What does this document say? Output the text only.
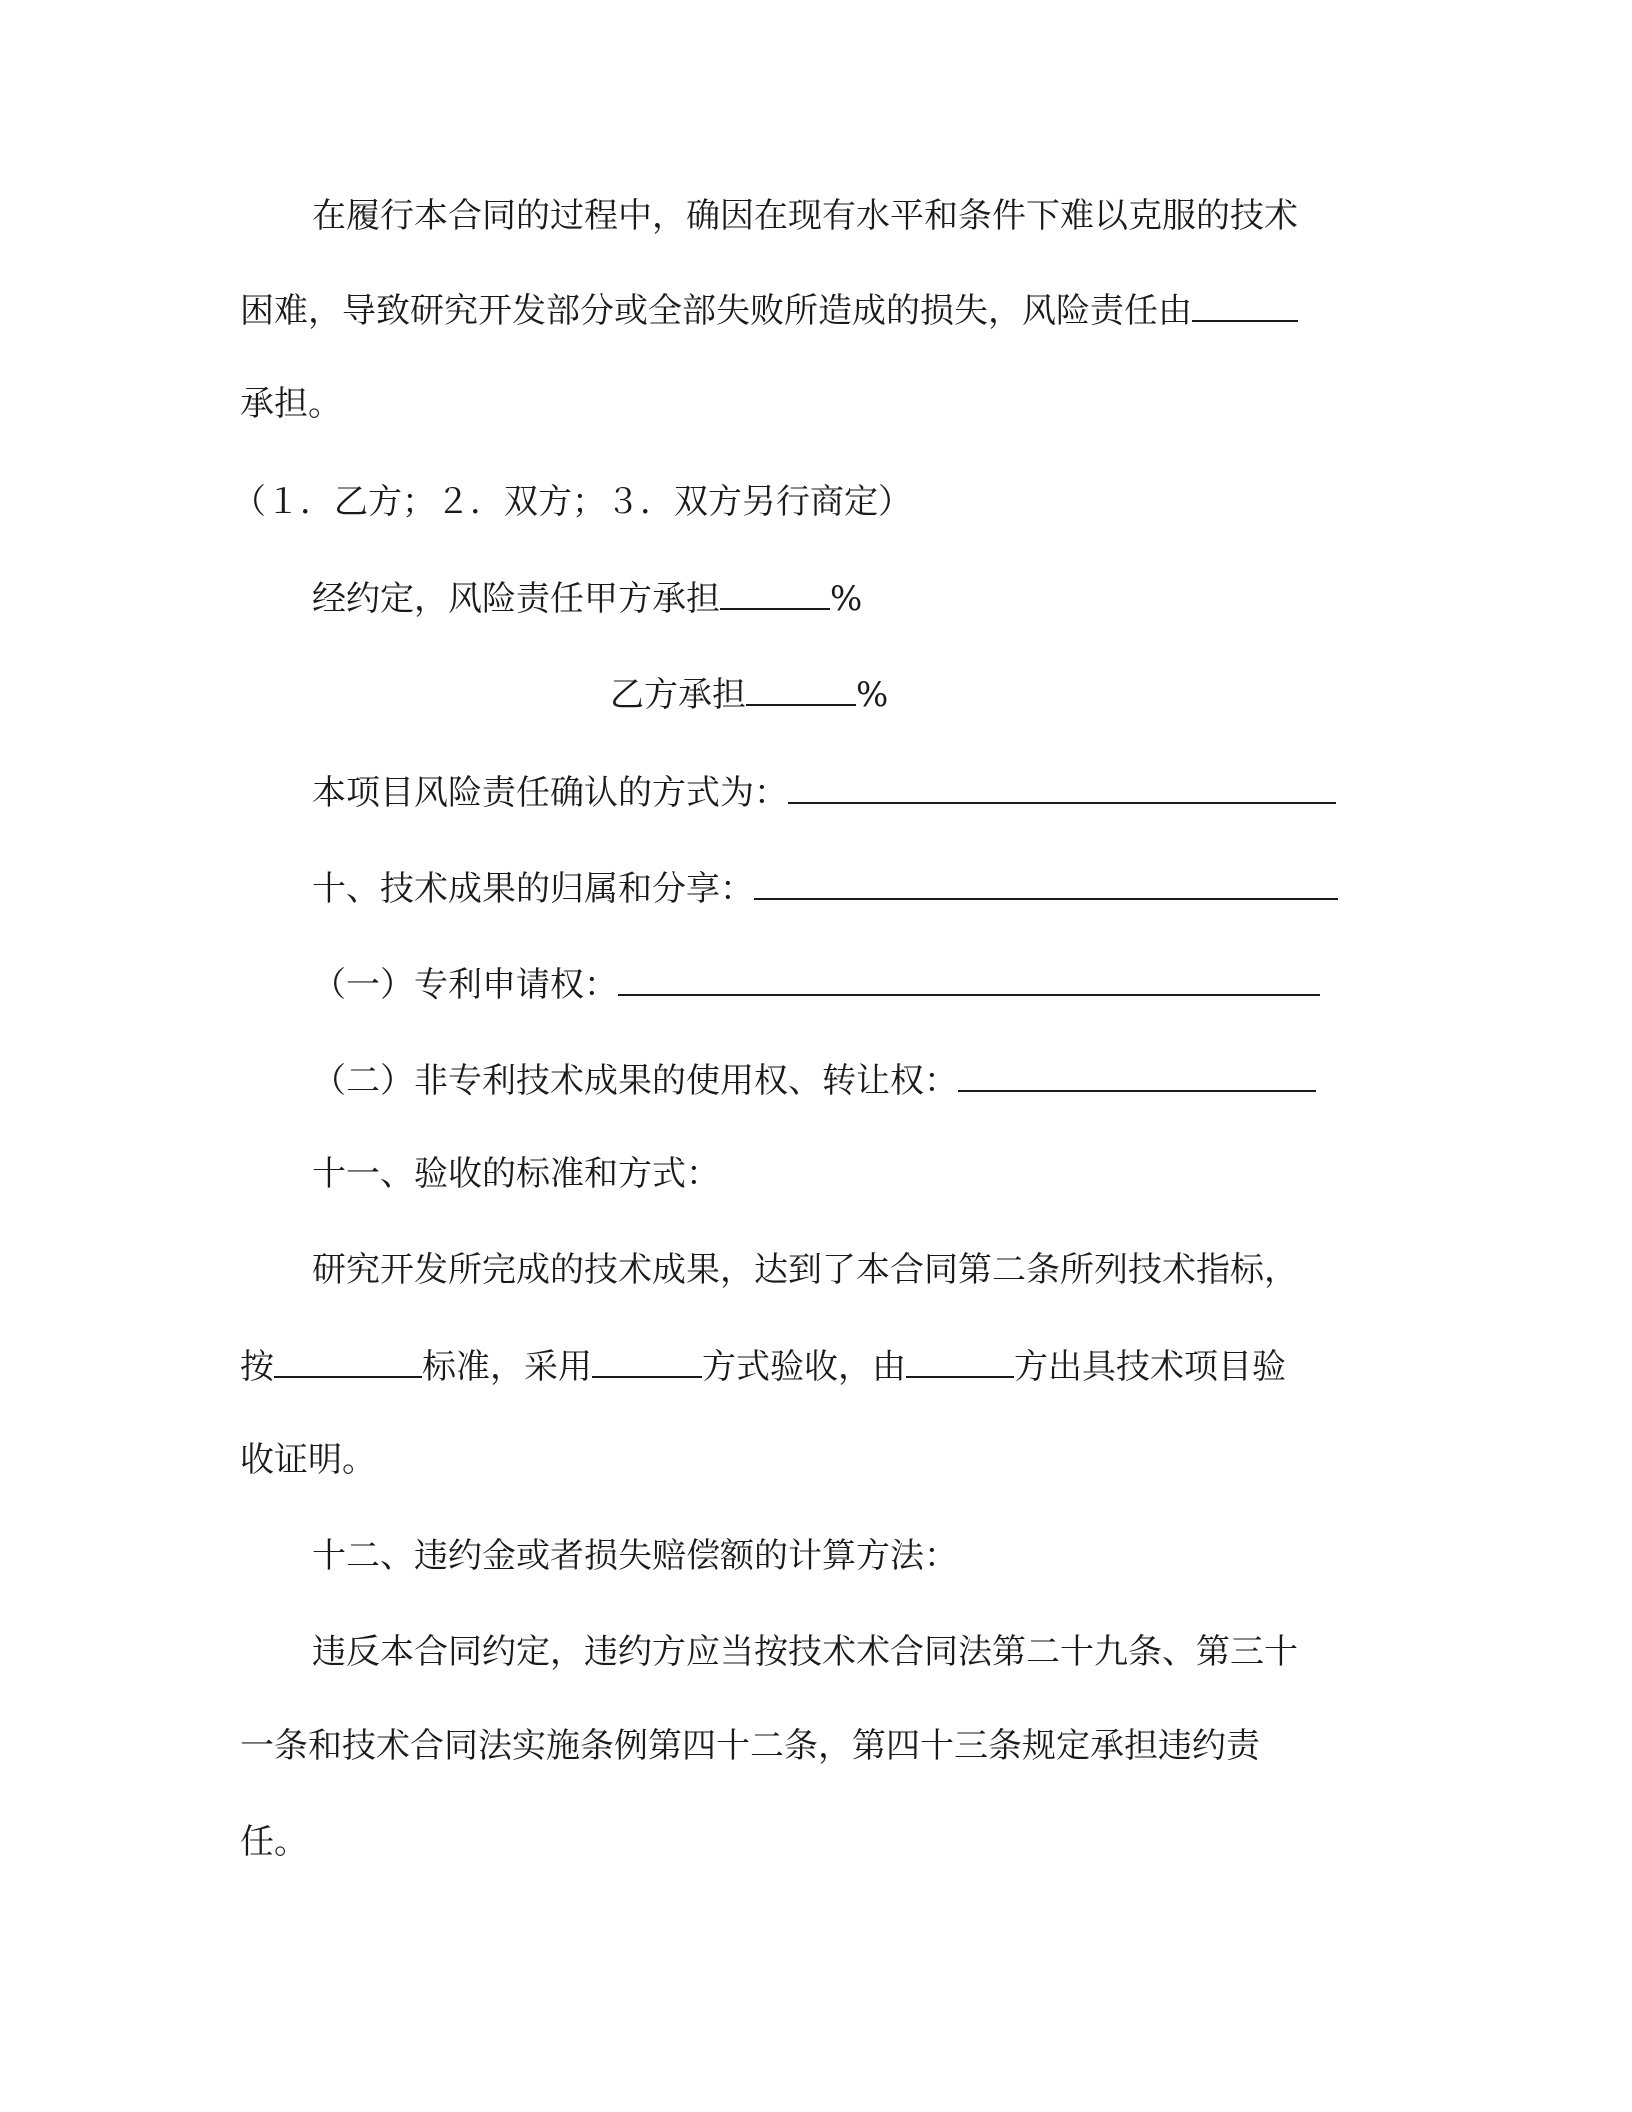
在履行本合同的过程中，确因在现有水平和条件下难以克服的技术
困难，导致研究开发部分或全部失败所造成的损失，风险责任由
承担。
（１．乙方；２．双方；３．双方另行商定）
经约定，风险责任甲方承担	%
乙方承担	%
本项目风险责任确认的方式为：
十、技术成果的归属和分享：
（一）专利申请权：
（二）非专利技术成果的使用权、转让权：
十一、验收的标准和方式：
研究开发所完成的技术成果，达到了本合同第二条所列技术指标，
按	标准，采用	方式验收，由	方出具技术项目验
收证明。
十二、违约金或者损失赔偿额的计算方法：
违反本合同约定，违约方应当按技术术合同法第二十九条、第三十
一条和技术合同法实施条例第四十二条，第四十三条规定承担违约责
任。
